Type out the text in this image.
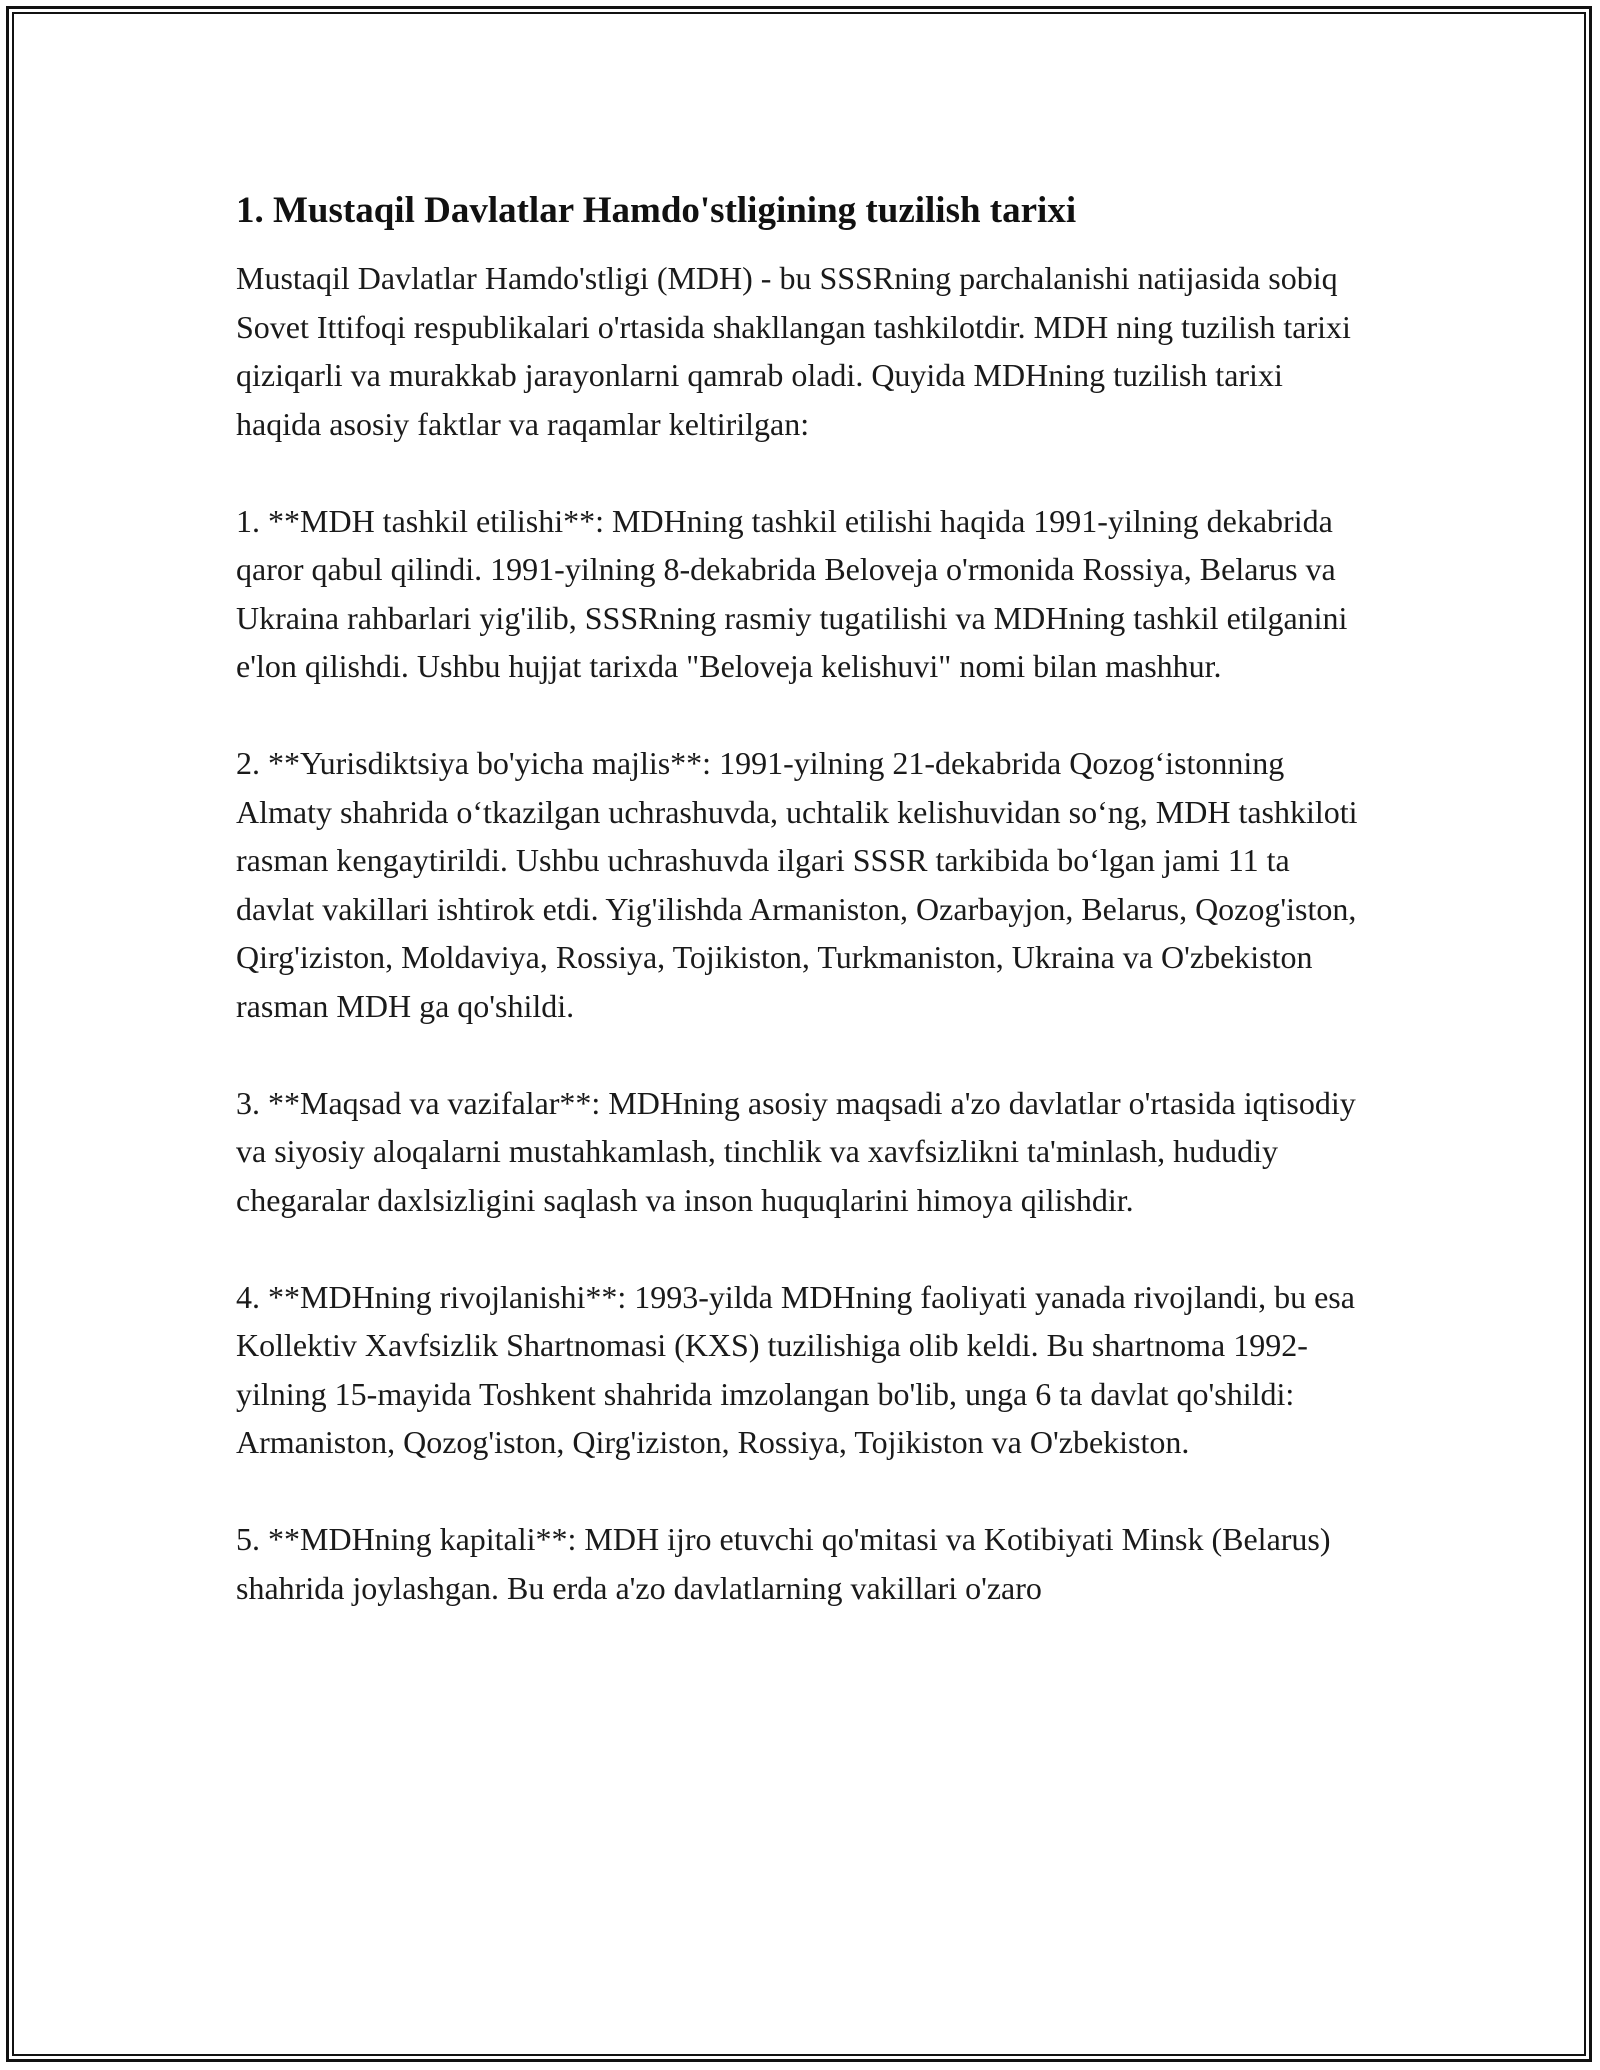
1. Mustaqil Davlatlar Hamdo'stligining tuzilish tarixi

Mustaqil Davlatlar Hamdo'stligi (MDH) - bu SSSRning parchalanishi natijasida sobiq Sovet Ittifoqi respublikalari o'rtasida shakllangan tashkilotdir. MDH ning tuzilish tarixi qiziqarli va murakkab jarayonlarni qamrab oladi. Quyida MDHning tuzilish tarixi haqida asosiy faktlar va raqamlar keltirilgan:

1. **MDH tashkil etilishi**: MDHning tashkil etilishi haqida 1991-yilning dekabrida qaror qabul qilindi. 1991-yilning 8-dekabrida Beloveja o'rmonida Rossiya, Belarus va Ukraina rahbarlari yig'ilib, SSSRning rasmiy tugatilishi va MDHning tashkil etilganini e'lon qilishdi. Ushbu hujjat tarixda "Beloveja kelishuvi" nomi bilan mashhur.

2. **Yurisdiktsiya bo'yicha majlis**: 1991-yilning 21-dekabrida Qozog‘istonning Almaty shahrida o‘tkazilgan uchrashuvda, uchtalik kelishuvidan so‘ng, MDH tashkiloti rasman kengaytirildi. Ushbu uchrashuvda ilgari SSSR tarkibida bo‘lgan jami 11 ta davlat vakillari ishtirok etdi. Yig'ilishda Armaniston, Ozarbayjon, Belarus, Qozog'iston, Qirg'iziston, Moldaviya, Rossiya, Tojikiston, Turkmaniston, Ukraina va O'zbekiston rasman MDH ga qo'shildi.

3. **Maqsad va vazifalar**: MDHning asosiy maqsadi a'zo davlatlar o'rtasida iqtisodiy va siyosiy aloqalarni mustahkamlash, tinchlik va xavfsizlikni ta'minlash, hududiy chegaralar daxlsizligini saqlash va inson huquqlarini himoya qilishdir.

4. **MDHning rivojlanishi**: 1993-yilda MDHning faoliyati yanada rivojlandi, bu esa Kollektiv Xavfsizlik Shartnomasi (KXS) tuzilishiga olib keldi. Bu shartnoma 1992-yilning 15-mayida Toshkent shahrida imzolangan bo'lib, unga 6 ta davlat qo'shildi: Armaniston, Qozog'iston, Qirg'iziston, Rossiya, Tojikiston va O'zbekiston.

5. **MDHning kapitali**: MDH ijro etuvchi qo'mitasi va Kotibiyati Minsk (Belarus) shahrida joylashgan. Bu erda a'zo davlatlarning vakillari o'zaro
